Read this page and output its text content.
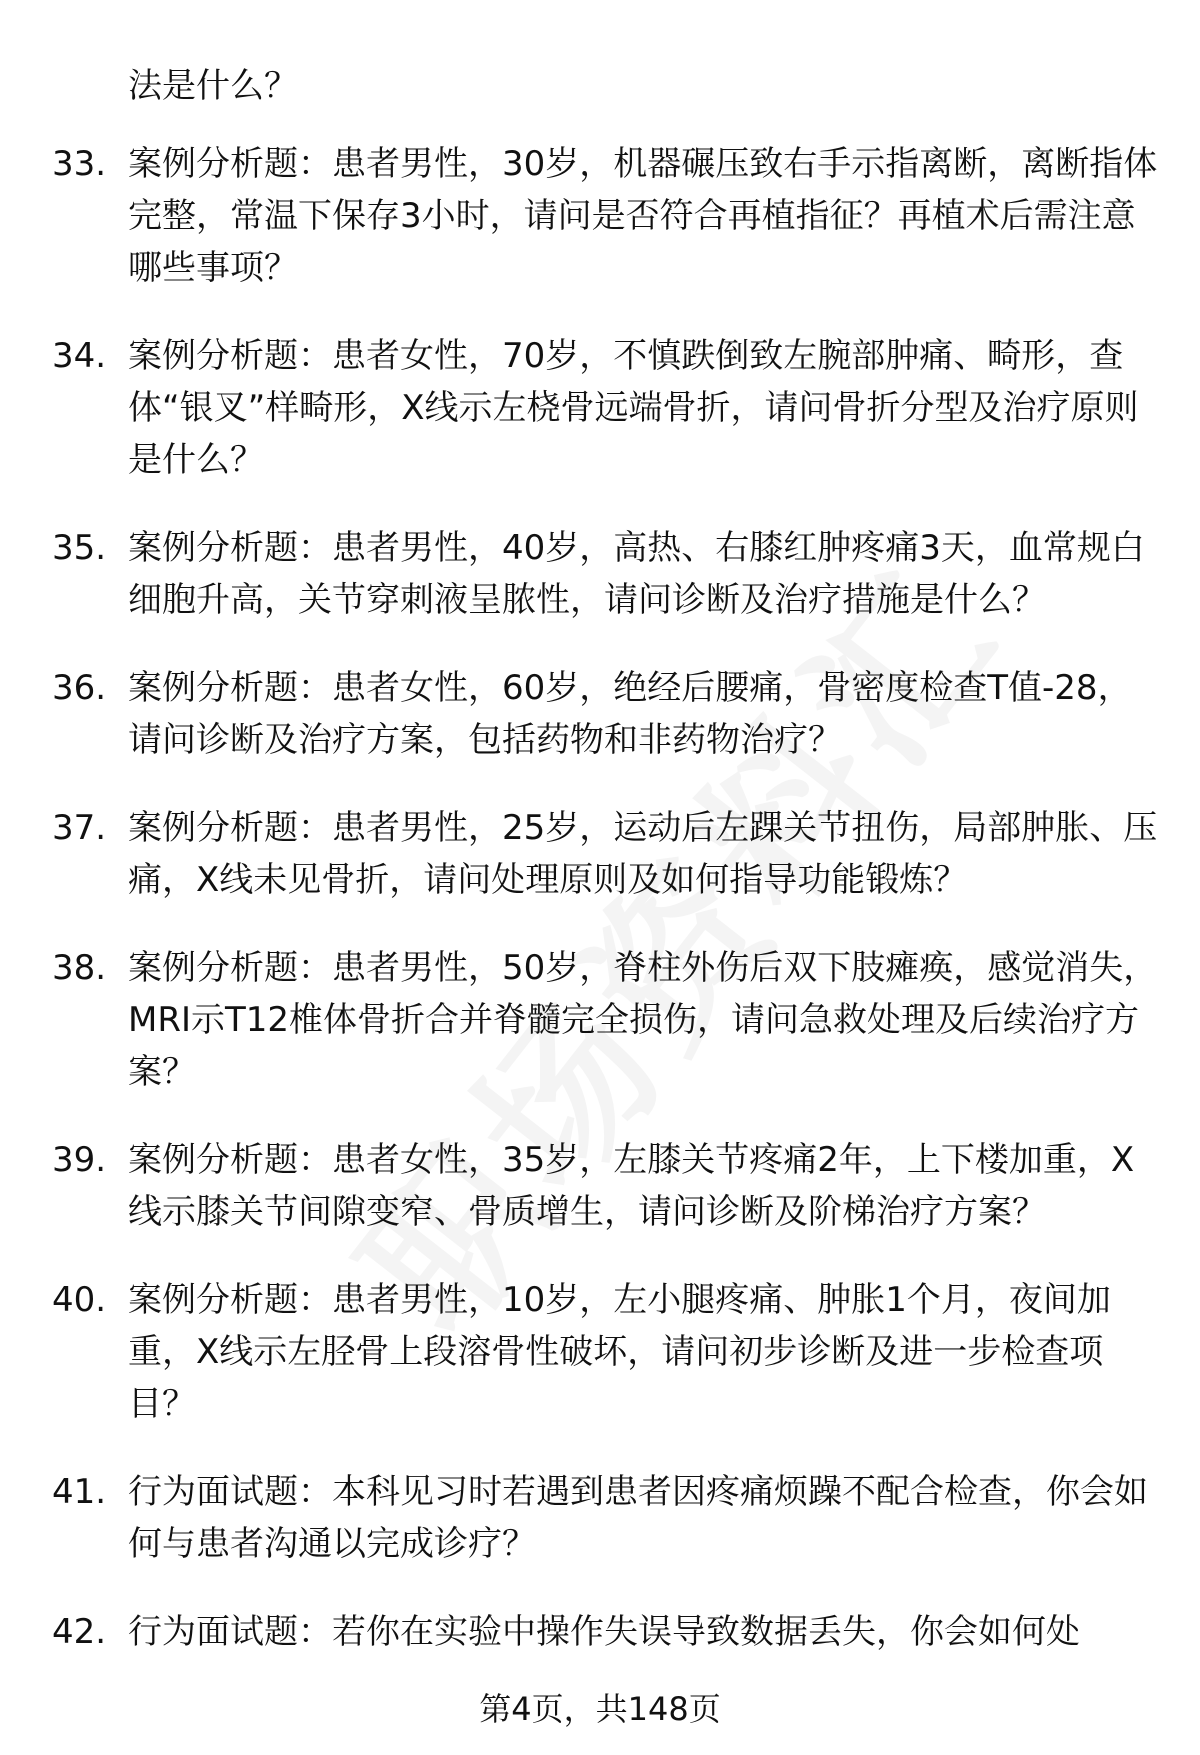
法是什么？

33. 案例分析题：患者男性，30岁，机器碾压致右手示指离断，离断指体完整，常温下保存3小时，请问是否符合再植指征？再植术后需注意哪些事项？
34. 案例分析题：患者女性，70岁，不慎跌倒致左腕部肿痛、畸形，查体“银叉”样畸形，X线示左桡骨远端骨折，请问骨折分型及治疗原则是什么？
35. 案例分析题：患者男性，40岁，高热、右膝红肿疼痛3天，血常规白细胞升高，关节穿刺液呈脓性，请问诊断及治疗措施是什么？
36. 案例分析题：患者女性，60岁，绝经后腰痛，骨密度检查T值-28，请问诊断及治疗方案，包括药物和非药物治疗？
37. 案例分析题：患者男性，25岁，运动后左踝关节扭伤，局部肿胀、压痛，X线未见骨折，请问处理原则及如何指导功能锻炼？
38. 案例分析题：患者男性，50岁，脊柱外伤后双下肢瘫痪，感觉消失，MRI示T12椎体骨折合并脊髓完全损伤，请问急救处理及后续治疗方案？
39. 案例分析题：患者女性，35岁，左膝关节疼痛2年，上下楼加重，X线示膝关节间隙变窄、骨质增生，请问诊断及阶梯治疗方案？
40. 案例分析题：患者男性，10岁，左小腿疼痛、肿胀1个月，夜间加重，X线示左胫骨上段溶骨性破坏，请问初步诊断及进一步检查项目？
41. 行为面试题：本科见习时若遇到患者因疼痛烦躁不配合检查，你会如何与患者沟通以完成诊疗？
42. 行为面试题：若你在实验中操作失误导致数据丢失，你会如何处
第4页，共148页
